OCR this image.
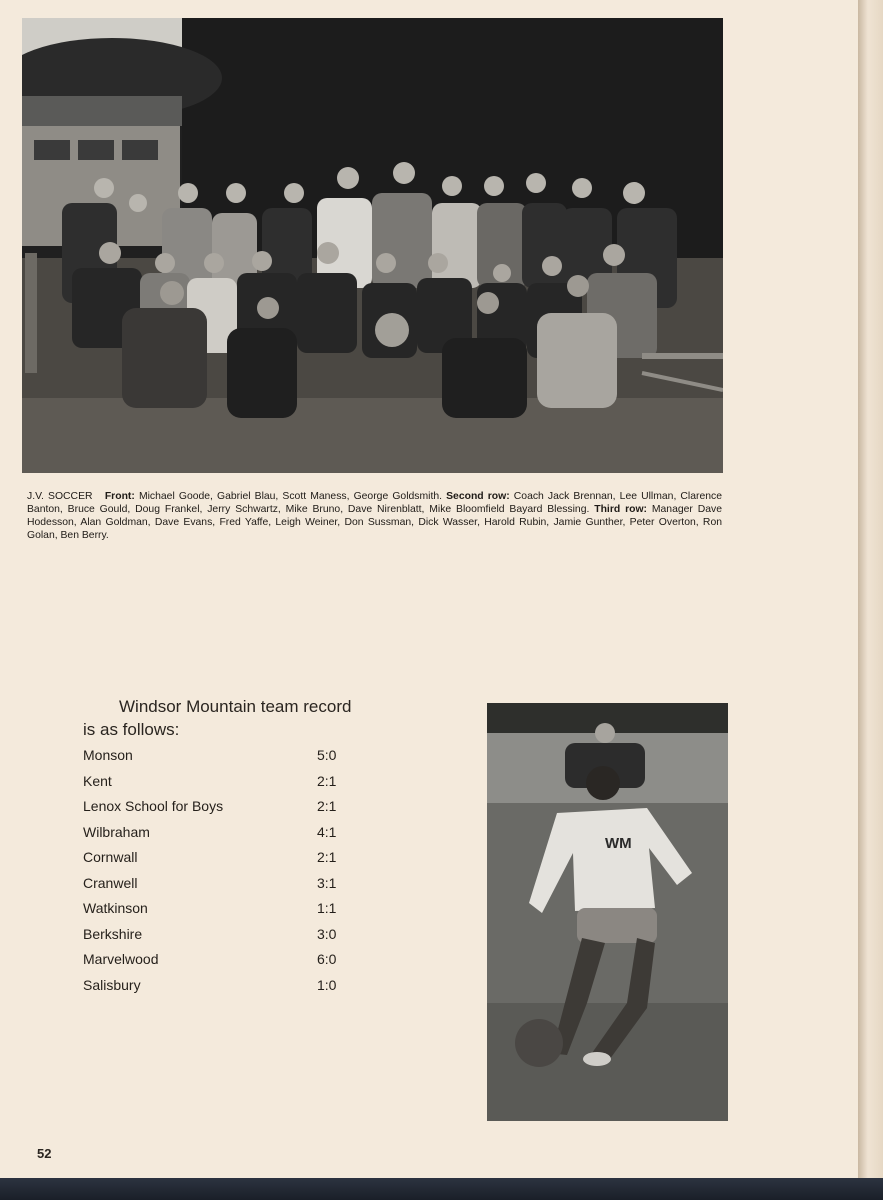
J.V. SOCCER Front: Michael Goode, Gabriel Blau, Scott Maness, George Goldsmith. Second row: Coach Jack Brennan, Lee Ullman, Clarence Banton, Bruce Gould, Doug Frankel, Jerry Schwartz, Mike Bruno, Dave Nirenblatt, Mike Bloomfield Bayard Blessing. Third row: Manager Dave Hodesson, Alan Goldman, Dave Evans, Fred Yaffe, Leigh Weiner, Don Sussman, Dick Wasser, Harold Rubin, Jamie Gunther, Peter Overton, Ron Golan, Ben Berry.

Windsor Mountain team record is as follows:

Monson	5:0
Kent	2:1
Lenox School for Boys	2:1
Wilbraham	4:1
Cornwall	2:1
Cranwell	3:1
Watkinson	1:1
Berkshire	3:0
Marvelwood	6:0
Salisbury	1:0
WM
52
